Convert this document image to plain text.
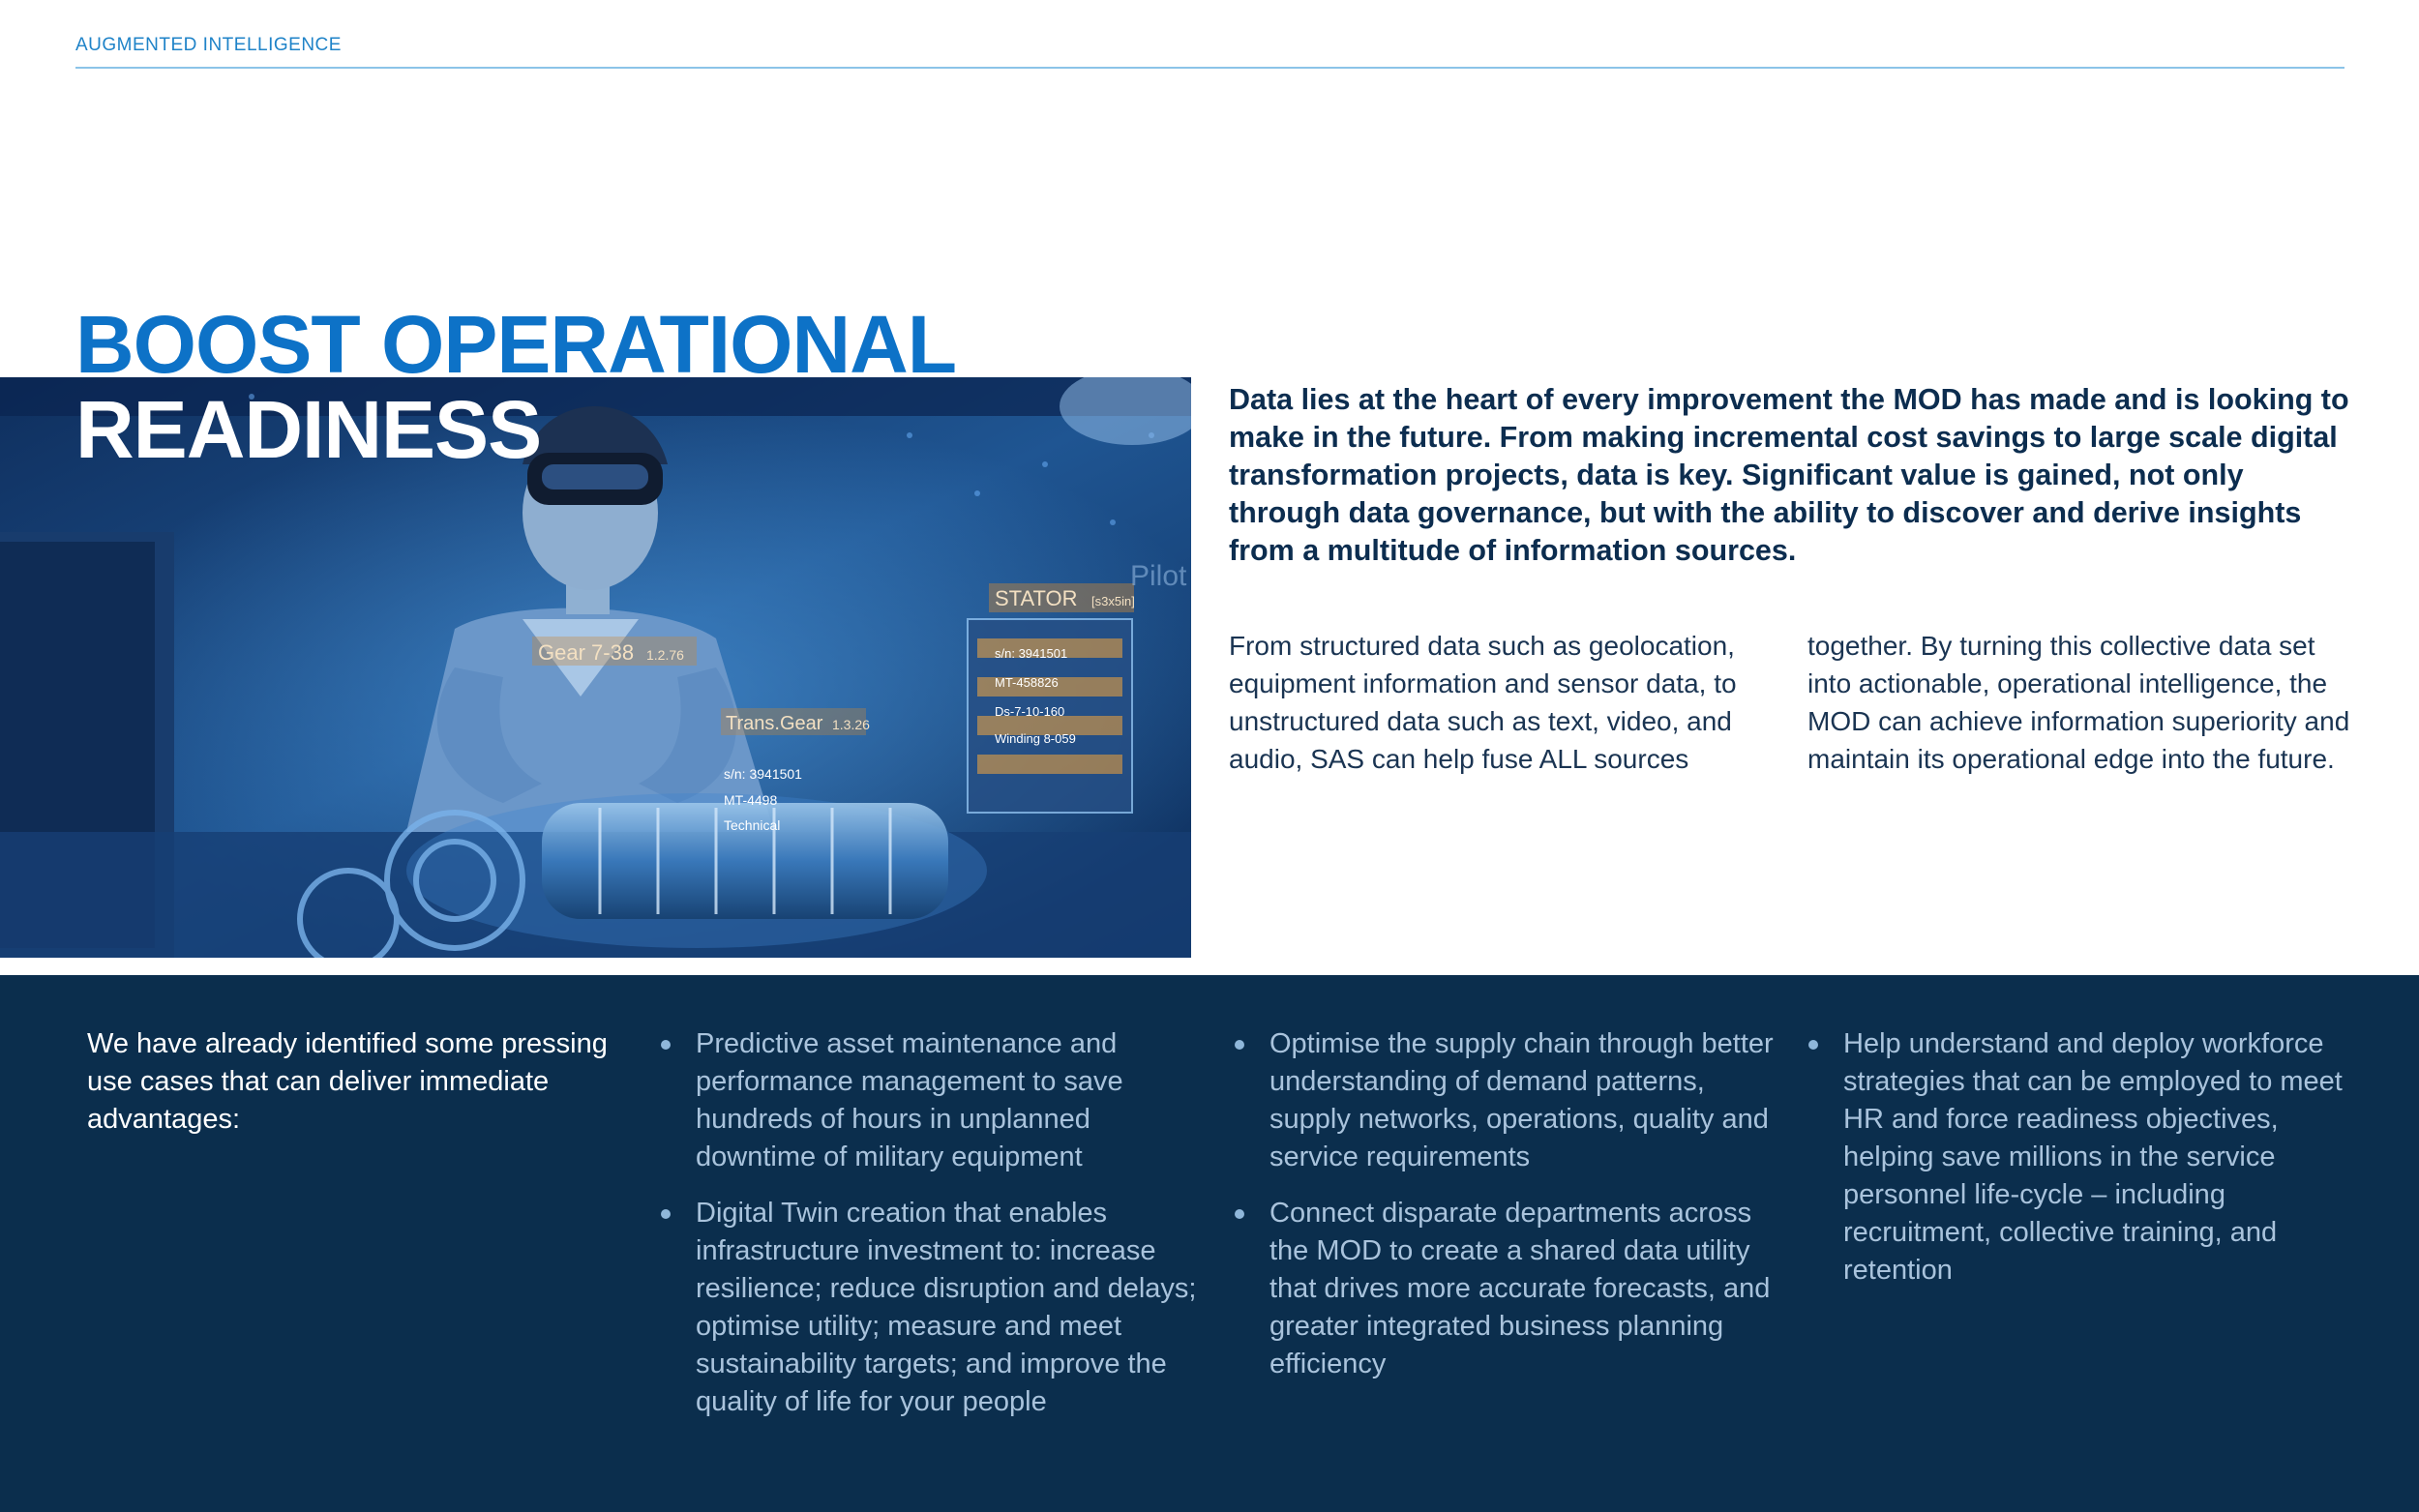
AUGMENTED INTELLIGENCE
Gear 7-38 1.2.76
Trans.Gear 1.3.26
STATOR [s3x5in]
s/n: 3941501
MT-458826
Ds-7-10-160
Winding 8-059
s/n: 3941501
MT-4498
Technical
Pilot
BOOST OPERATIONAL
READINESS	Data lies at the heart of every improvement the MOD has made and is looking to make in the future. From making incremental cost savings to large scale digital transformation projects, data is key. Significant value is gained, not only through data governance, but with the ability to discover and derive insights from a multitude of information sources.
From structured data such as geolocation, equipment information and sensor data, to unstructured data such as text, video, and audio, SAS can help fuse ALL sources together. By turning this collective data set into actionable, operational intelligence, the MOD can achieve information superiority and maintain its operational edge into the future.
We have already identified some pressing use cases that can deliver immediate advantages:
Predictive asset maintenance and performance management to save hundreds of hours in unplanned downtime of military equipment
Digital Twin creation that enables infrastructure investment to: increase resilience; reduce disruption and delays; optimise utility; measure and meet sustainability targets; and improve the quality of life for your people
Optimise the supply chain through better understanding of demand patterns, supply networks, operations, quality and service requirements
Connect disparate departments across the MOD to create a shared data utility that drives more accurate forecasts, and greater integrated business planning efficiency
Help understand and deploy workforce strategies that can be employed to meet HR and force readiness objectives, helping save millions in the service personnel life-cycle – including recruitment, collective training, and retention
